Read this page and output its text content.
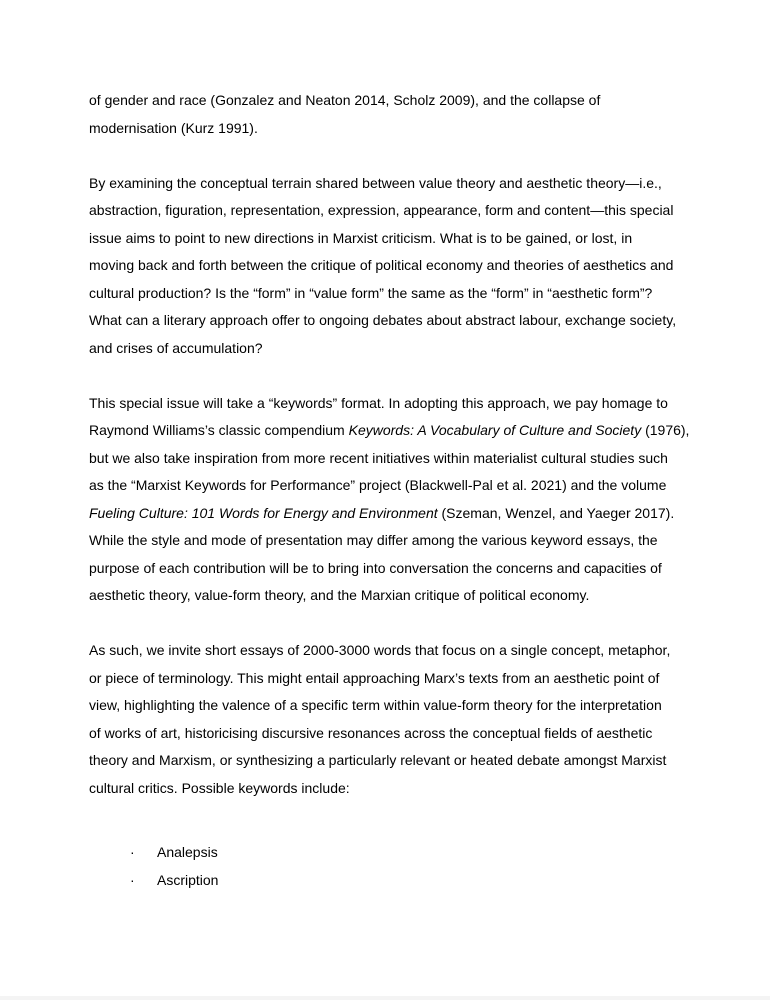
of gender and race (Gonzalez and Neaton 2014, Scholz 2009), and the collapse of
modernisation (Kurz 1991).

By examining the conceptual terrain shared between value theory and aesthetic theory—i.e.,
abstraction, figuration, representation, expression, appearance, form and content—this special
issue aims to point to new directions in Marxist criticism. What is to be gained, or lost, in
moving back and forth between the critique of political economy and theories of aesthetics and
cultural production? Is the “form” in “value form” the same as the “form” in “aesthetic form”?
What can a literary approach offer to ongoing debates about abstract labour, exchange society,
and crises of accumulation?

This special issue will take a “keywords” format. In adopting this approach, we pay homage to
Raymond Williams’s classic compendium Keywords: A Vocabulary of Culture and Society (1976),
but we also take inspiration from more recent initiatives within materialist cultural studies such
as the “Marxist Keywords for Performance” project (Blackwell-Pal et al. 2021) and the volume
Fueling Culture: 101 Words for Energy and Environment (Szeman, Wenzel, and Yaeger 2017).
While the style and mode of presentation may differ among the various keyword essays, the
purpose of each contribution will be to bring into conversation the concerns and capacities of
aesthetic theory, value-form theory, and the Marxian critique of political economy.

As such, we invite short essays of 2000-3000 words that focus on a single concept, metaphor,
or piece of terminology. This might entail approaching Marx’s texts from an aesthetic point of
view, highlighting the valence of a specific term within value-form theory for the interpretation
of works of art, historicising discursive resonances across the conceptual fields of aesthetic
theory and Marxism, or synthesizing a particularly relevant or heated debate amongst Marxist
cultural critics. Possible keywords include:

·	Analepsis
·	Ascription
